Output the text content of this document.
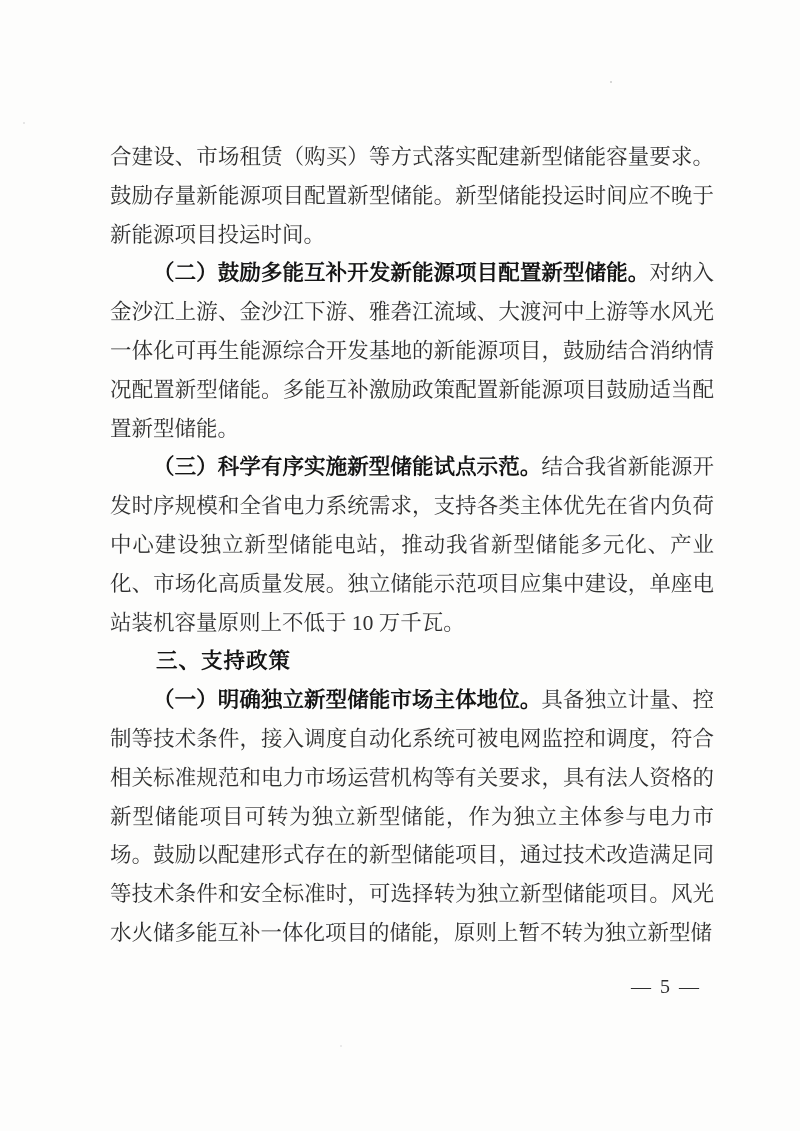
合建设、市场租赁（购买）等方式落实配建新型储能容量要求。鼓励存量新能源项目配置新型储能。新型储能投运时间应不晚于新能源项目投运时间。

（二）鼓励多能互补开发新能源项目配置新型储能。对纳入金沙江上游、金沙江下游、雅砻江流域、大渡河中上游等水风光一体化可再生能源综合开发基地的新能源项目，鼓励结合消纳情况配置新型储能。多能互补激励政策配置新能源项目鼓励适当配置新型储能。

（三）科学有序实施新型储能试点示范。结合我省新能源开发时序规模和全省电力系统需求，支持各类主体优先在省内负荷中心建设独立新型储能电站，推动我省新型储能多元化、产业化、市场化高质量发展。独立储能示范项目应集中建设，单座电站装机容量原则上不低于 10 万千瓦。

三、支持政策

（一）明确独立新型储能市场主体地位。具备独立计量、控制等技术条件，接入调度自动化系统可被电网监控和调度，符合相关标准规范和电力市场运营机构等有关要求，具有法人资格的新型储能项目可转为独立新型储能，作为独立主体参与电力市场。鼓励以配建形式存在的新型储能项目，通过技术改造满足同等技术条件和安全标准时，可选择转为独立新型储能项目。风光水火储多能互补一体化项目的储能，原则上暂不转为独立新型储

— 5 —
